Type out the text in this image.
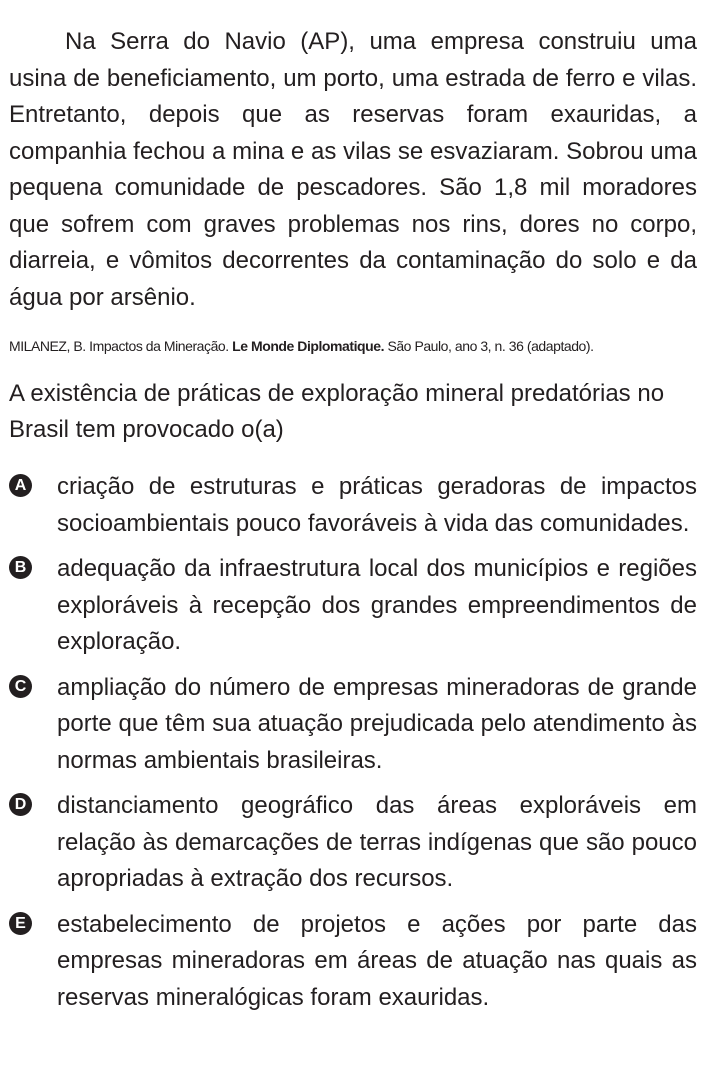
Na Serra do Navio (AP), uma empresa construiu uma usina de beneficiamento, um porto, uma estrada de ferro e vilas. Entretanto, depois que as reservas foram exauridas, a companhia fechou a mina e as vilas se esvaziaram. Sobrou uma pequena comunidade de pescadores. São 1,8 mil moradores que sofrem com graves problemas nos rins, dores no corpo, diarreia, e vômitos decorrentes da contaminação do solo e da água por arsênio.

MILANEZ, B. Impactos da Mineração. Le Monde Diplomatique. São Paulo, ano 3, n. 36 (adaptado).

A existência de práticas de exploração mineral predatórias no Brasil tem provocado o(a)

A criação de estruturas e práticas geradoras de impactos socioambientais pouco favoráveis à vida das comunidades.
B adequação da infraestrutura local dos municípios e regiões exploráveis à recepção dos grandes empreendimentos de exploração.
C ampliação do número de empresas mineradoras de grande porte que têm sua atuação prejudicada pelo atendimento às normas ambientais brasileiras.
D distanciamento geográfico das áreas exploráveis em relação às demarcações de terras indígenas que são pouco apropriadas à extração dos recursos.
E estabelecimento de projetos e ações por parte das empresas mineradoras em áreas de atuação nas quais as reservas mineralógicas foram exauridas.
